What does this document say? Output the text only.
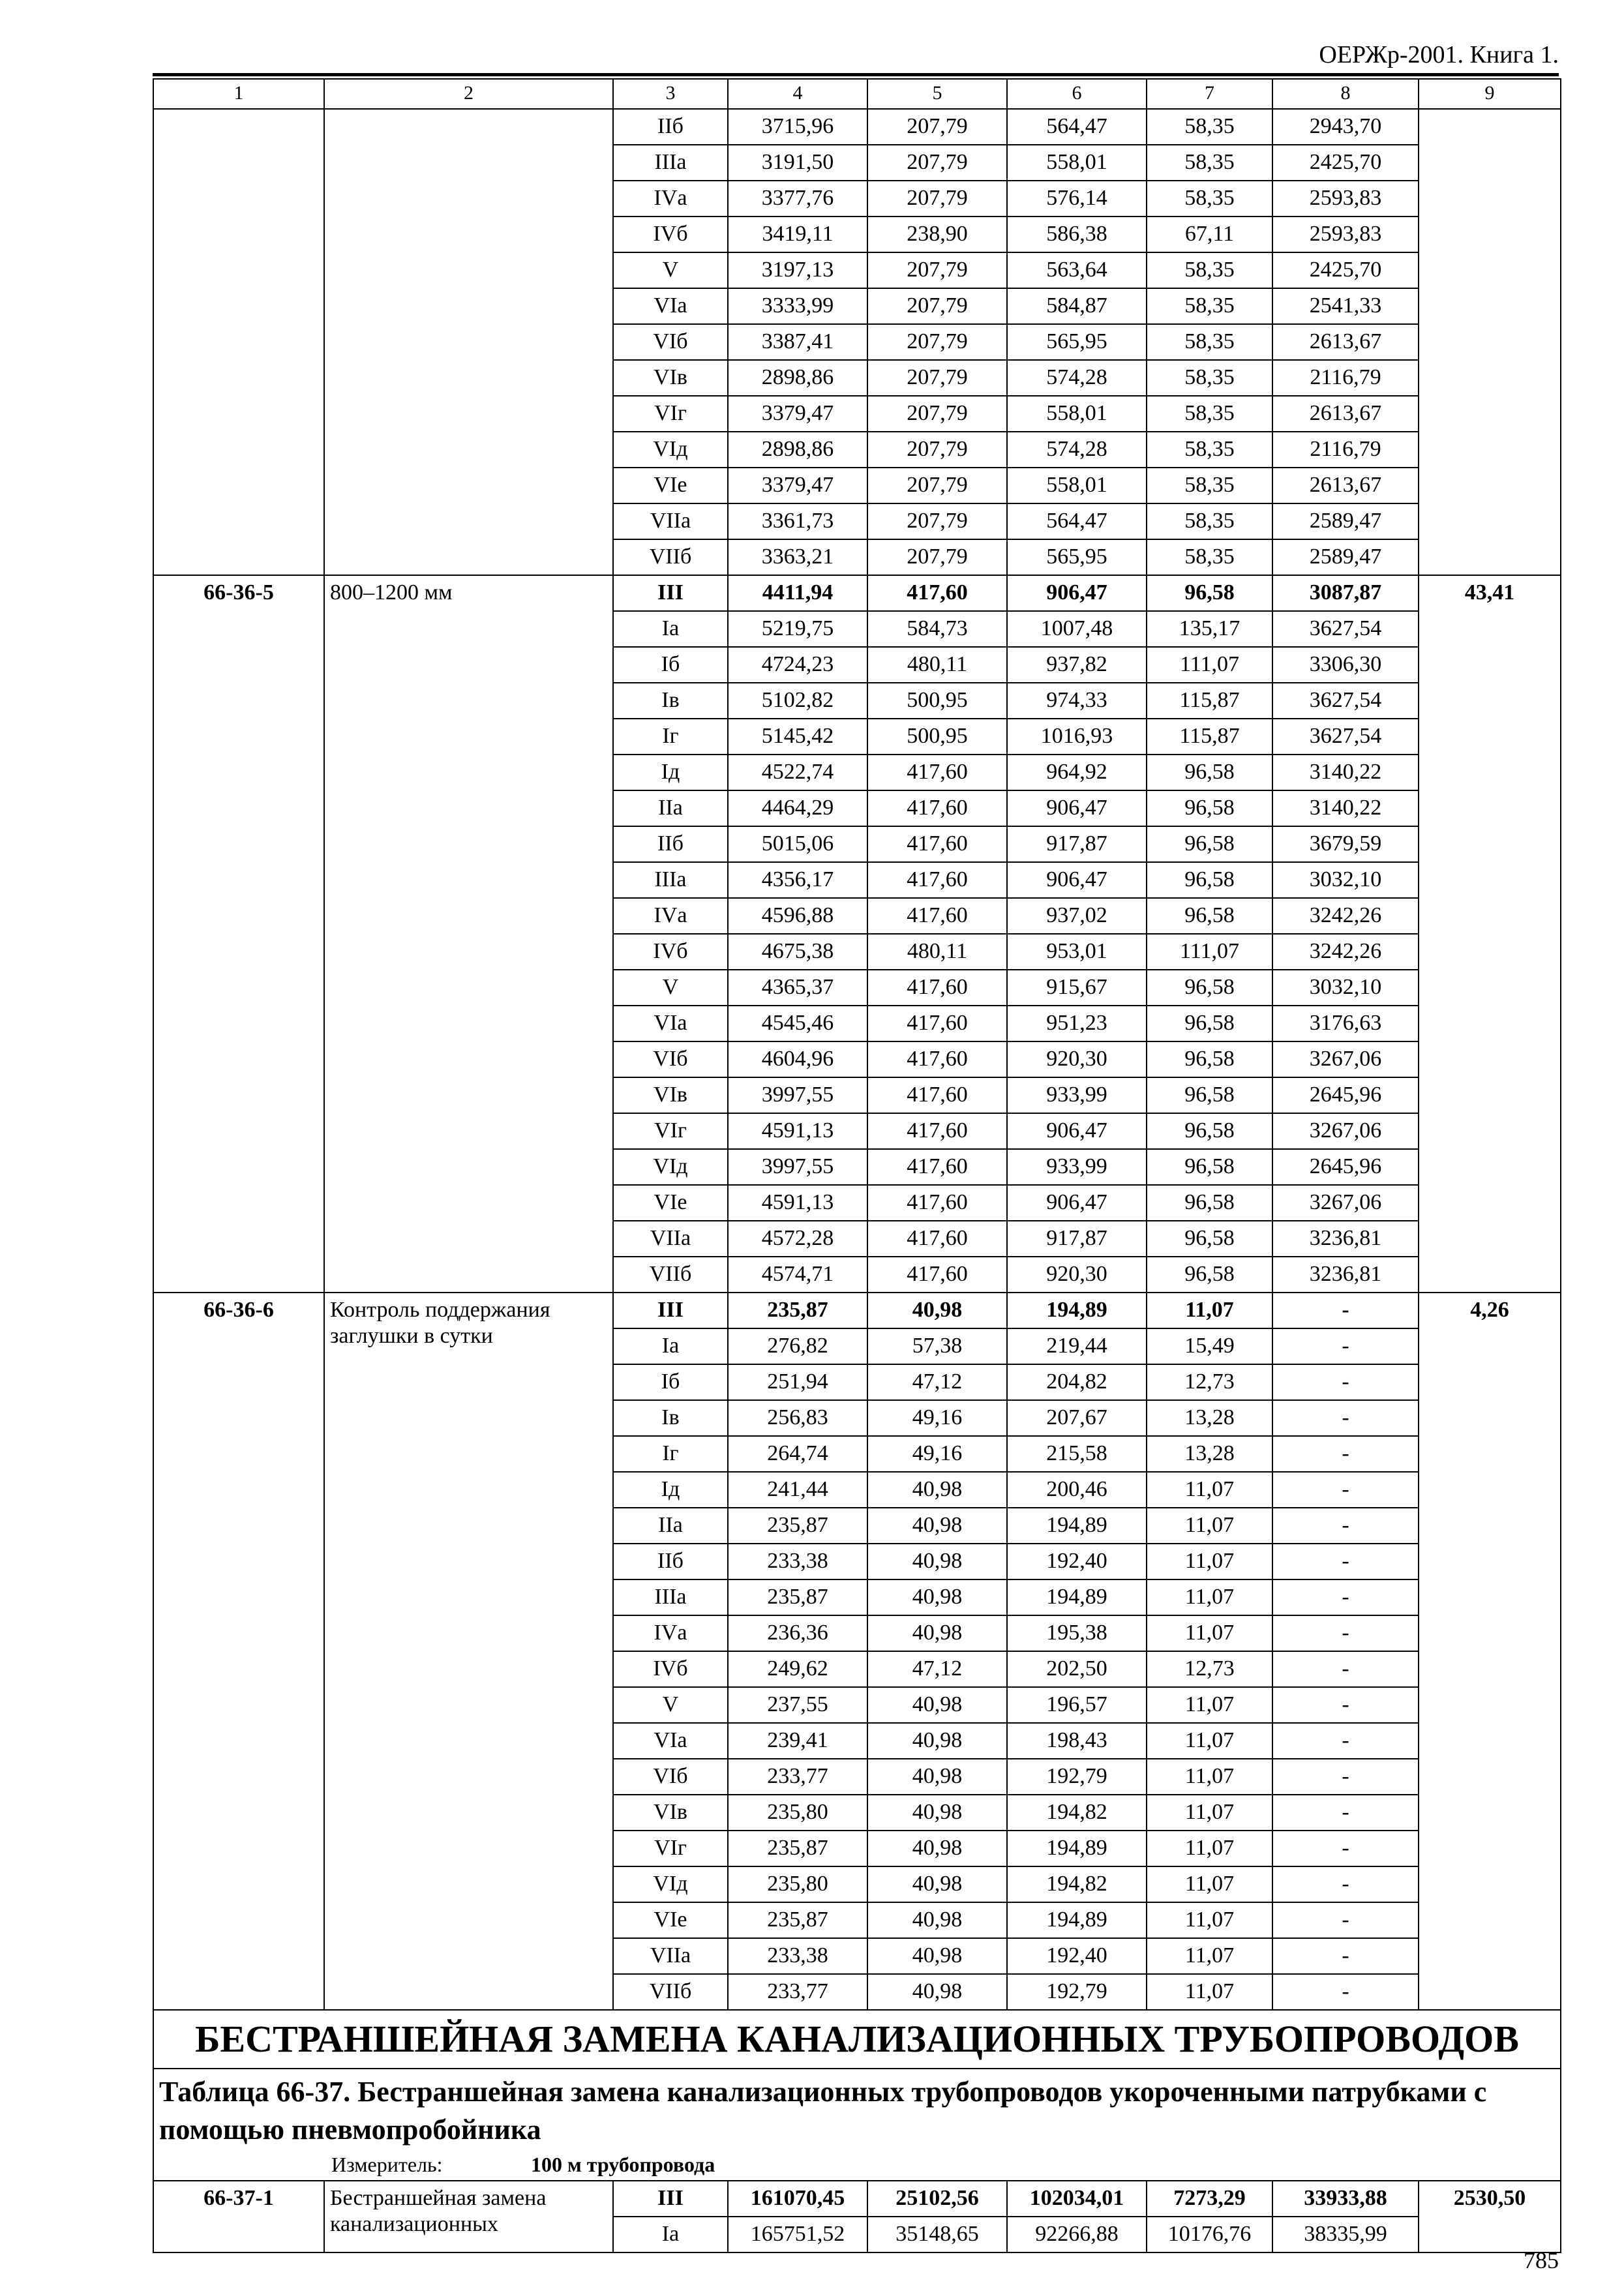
ОЕРЖр-2001. Книга 1.
1	2	3	4	5	6	7	8	9
		IIб	3715,96	207,79	564,47	58,35	2943,70	
		IIIа	3191,50	207,79	558,01	58,35	2425,70	
		IVа	3377,76	207,79	576,14	58,35	2593,83	
		IVб	3419,11	238,90	586,38	67,11	2593,83	
		V	3197,13	207,79	563,64	58,35	2425,70	
		VIа	3333,99	207,79	584,87	58,35	2541,33	
		VIб	3387,41	207,79	565,95	58,35	2613,67	
		VIв	2898,86	207,79	574,28	58,35	2116,79	
		VIг	3379,47	207,79	558,01	58,35	2613,67	
		VIд	2898,86	207,79	574,28	58,35	2116,79	
		VIе	3379,47	207,79	558,01	58,35	2613,67	
		VIIа	3361,73	207,79	564,47	58,35	2589,47	
		VIIб	3363,21	207,79	565,95	58,35	2589,47	
66-36-5	800–1200 мм	III	4411,94	417,60	906,47	96,58	3087,87	43,41
		Iа	5219,75	584,73	1007,48	135,17	3627,54	
		Iб	4724,23	480,11	937,82	111,07	3306,30	
		Iв	5102,82	500,95	974,33	115,87	3627,54	
		Iг	5145,42	500,95	1016,93	115,87	3627,54	
		Iд	4522,74	417,60	964,92	96,58	3140,22	
		IIа	4464,29	417,60	906,47	96,58	3140,22	
		IIб	5015,06	417,60	917,87	96,58	3679,59	
		IIIа	4356,17	417,60	906,47	96,58	3032,10	
		IVа	4596,88	417,60	937,02	96,58	3242,26	
		IVб	4675,38	480,11	953,01	111,07	3242,26	
		V	4365,37	417,60	915,67	96,58	3032,10	
		VIа	4545,46	417,60	951,23	96,58	3176,63	
		VIб	4604,96	417,60	920,30	96,58	3267,06	
		VIв	3997,55	417,60	933,99	96,58	2645,96	
		VIг	4591,13	417,60	906,47	96,58	3267,06	
		VIд	3997,55	417,60	933,99	96,58	2645,96	
		VIе	4591,13	417,60	906,47	96,58	3267,06	
		VIIа	4572,28	417,60	917,87	96,58	3236,81	
		VIIб	4574,71	417,60	920,30	96,58	3236,81	
66-36-6	Контроль поддержания заглушки в сутки	III	235,87	40,98	194,89	11,07	-	4,26
		Iа	276,82	57,38	219,44	15,49	-	
		Iб	251,94	47,12	204,82	12,73	-	
		Iв	256,83	49,16	207,67	13,28	-	
		Iг	264,74	49,16	215,58	13,28	-	
		Iд	241,44	40,98	200,46	11,07	-	
		IIа	235,87	40,98	194,89	11,07	-	
		IIб	233,38	40,98	192,40	11,07	-	
		IIIа	235,87	40,98	194,89	11,07	-	
		IVа	236,36	40,98	195,38	11,07	-	
		IVб	249,62	47,12	202,50	12,73	-	
		V	237,55	40,98	196,57	11,07	-	
		VIа	239,41	40,98	198,43	11,07	-	
		VIб	233,77	40,98	192,79	11,07	-	
		VIв	235,80	40,98	194,82	11,07	-	
		VIг	235,87	40,98	194,89	11,07	-	
		VIд	235,80	40,98	194,82	11,07	-	
		VIе	235,87	40,98	194,89	11,07	-	
		VIIа	233,38	40,98	192,40	11,07	-	
		VIIб	233,77	40,98	192,79	11,07	-	
БЕСТРАНШЕЙНАЯ ЗАМЕНА КАНАЛИЗАЦИОННЫХ ТРУБОПРОВОДОВ								

Таблица 66-37. Бестраншейная замена канализационных трубопроводов укороченными патрубками с помощью пневмопробойника
Измеритель: 100 м трубопровода								

66-37-1	Бестраншейная замена канализационных	III	161070,45	25102,56	102034,01	7273,29	33933,88	2530,50
		Iа	165751,52	35148,65	92266,88	10176,76	38335,99	
785
